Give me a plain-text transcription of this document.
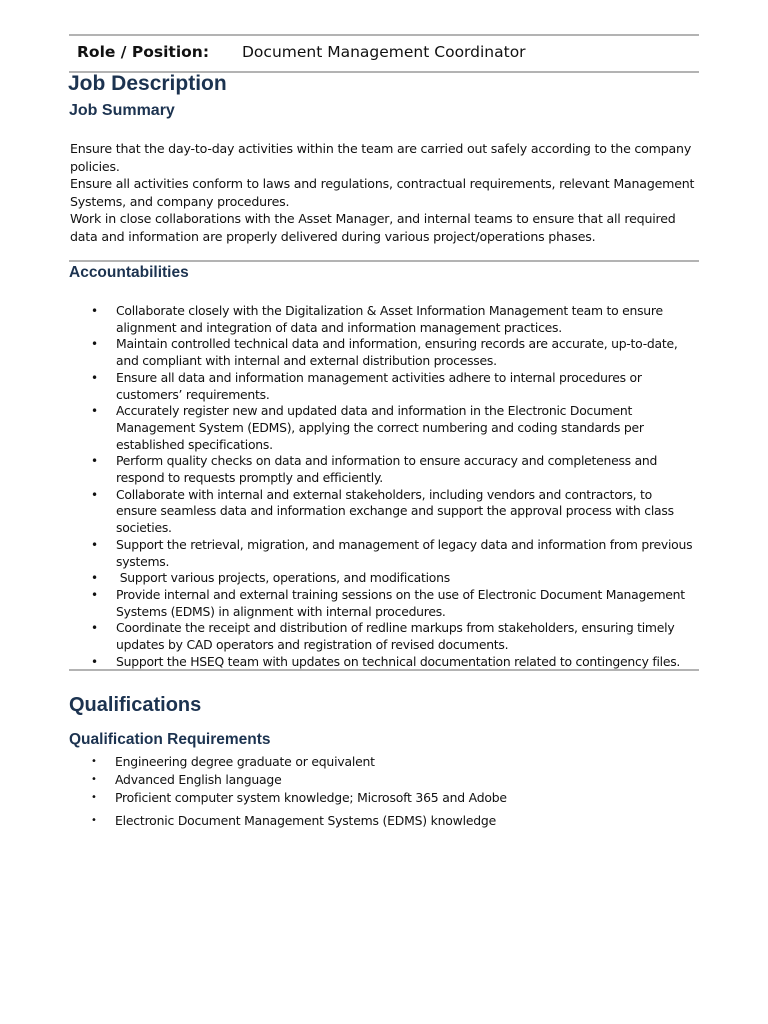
Role / Position: Document Management Coordinator
Job Description
Job Summary

Ensure that the day-to-day activities within the team are carried out safely according to the company policies.

Ensure all activities conform to laws and regulations, contractual requirements, relevant Management Systems, and company procedures.

Work in close collaborations with the Asset Manager, and internal teams to ensure that all required data and information are properly delivered during various project/operations phases.

Accountabilities
• Collaborate closely with the Digitalization & Asset Information Management team to ensure alignment and integration of data and information management practices.
• Maintain controlled technical data and information, ensuring records are accurate, up-to-date, and compliant with internal and external distribution processes.
• Ensure all data and information management activities adhere to internal procedures or customers’ requirements.
• Accurately register new and updated data and information in the Electronic Document Management System (EDMS), applying the correct numbering and coding standards per established specifications.
• Perform quality checks on data and information to ensure accuracy and completeness and respond to requests promptly and efficiently.
• Collaborate with internal and external stakeholders, including vendors and contractors, to ensure seamless data and information exchange and support the approval process with class societies.
• Support the retrieval, migration, and management of legacy data and information from previous systems.
• Support various projects, operations, and modifications
• Provide internal and external training sessions on the use of Electronic Document Management Systems (EDMS) in alignment with internal procedures.
• Coordinate the receipt and distribution of redline markups from stakeholders, ensuring timely updates by CAD operators and registration of revised documents.
• Support the HSEQ team with updates on technical documentation related to contingency files.
Qualifications
Qualification Requirements
• Engineering degree graduate or equivalent
• Advanced English language
• Proficient computer system knowledge; Microsoft 365 and Adobe
• Electronic Document Management Systems (EDMS) knowledge
